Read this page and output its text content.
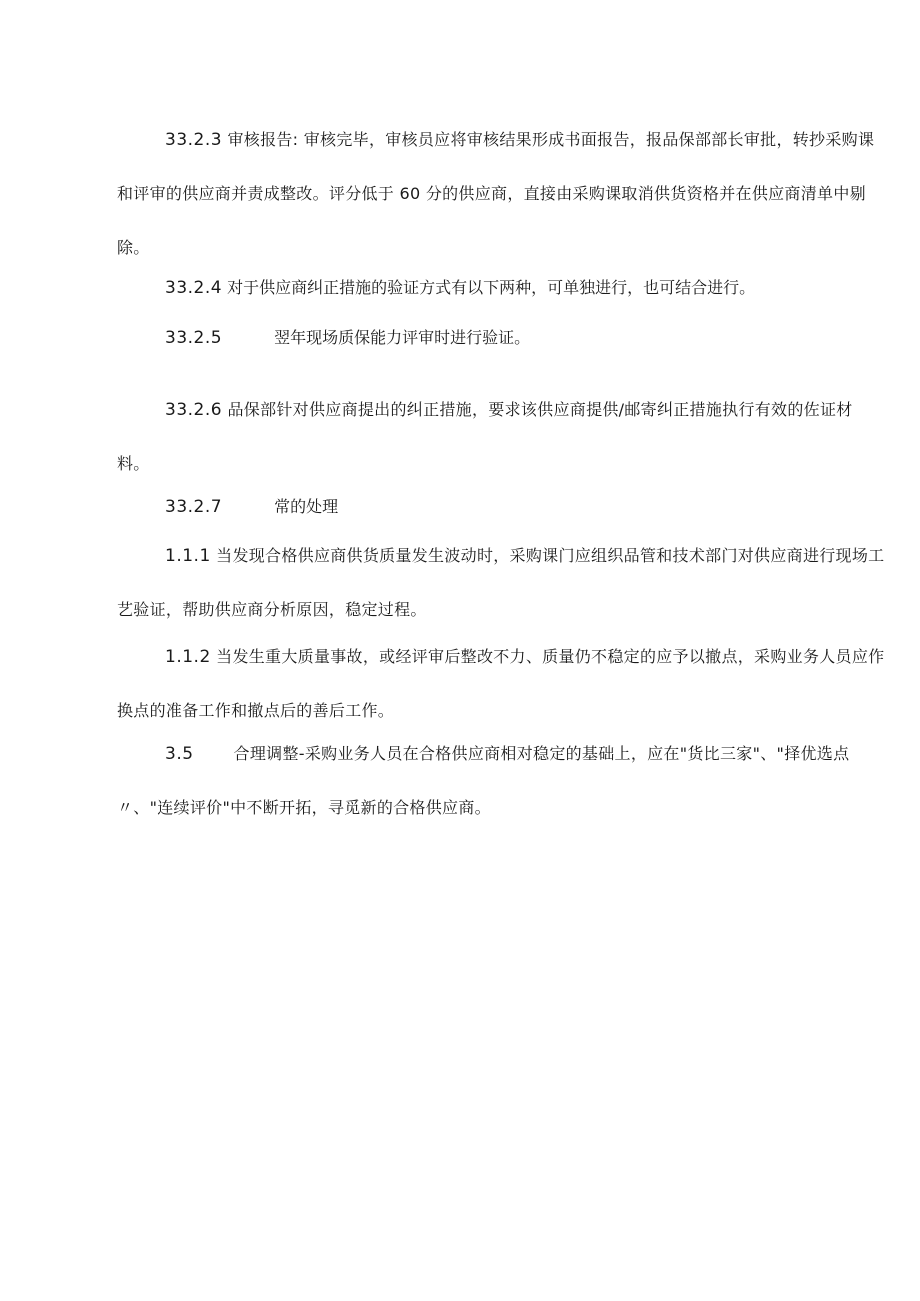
33.2.3 审核报告: 审核完毕，审核员应将审核结果形成书面报告，报品保部部长审批，转抄采购课和评审的供应商并责成整改。评分低于 60 分的供应商，直接由采购课取消供货资格并在供应商清单中剔除。

33.2.4 对于供应商纠正措施的验证方式有以下两种，可单独进行，也可结合进行。

33.2.5	翌年现场质保能力评审时进行验证。

33.2.6 品保部针对供应商提出的纠正措施，要求该供应商提供/邮寄纠正措施执行有效的佐证材料。

33.2.7	常的处理

1.1.1 当发现合格供应商供货质量发生波动时，采购课门应组织品管和技术部门对供应商进行现场工艺验证，帮助供应商分析原因，稳定过程。

1.1.2 当发生重大质量事故，或经评审后整改不力、质量仍不稳定的应予以撤点，采购业务人员应作换点的准备工作和撤点后的善后工作。

3.5	合理调整-采购业务人员在合格供应商相对稳定的基础上，应在"货比三家"、"择优选点〃、"连续评价"中不断开拓，寻觅新的合格供应商。
